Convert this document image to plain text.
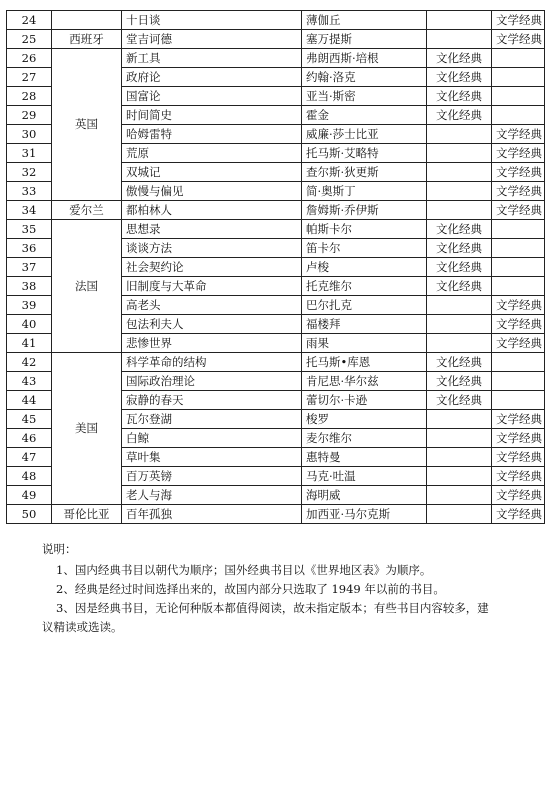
24		十日谈	薄伽丘		文学经典
25	西班牙	堂吉诃德	塞万提斯		文学经典
26	英国	新工具	弗朗西斯·培根	文化经典	
27		政府论	约翰·洛克	文化经典	
28		国富论	亚当·斯密	文化经典	
29		时间简史	霍金	文化经典	
30		哈姆雷特	威廉·莎士比亚		文学经典
31		荒原	托马斯·艾略特		文学经典
32		双城记	查尔斯·狄更斯		文学经典
33		傲慢与偏见	简·奥斯丁		文学经典
34	爱尔兰	都柏林人	詹姆斯·乔伊斯		文学经典
35	法国	思想录	帕斯卡尔	文化经典	
36		谈谈方法	笛卡尔	文化经典	
37		社会契约论	卢梭	文化经典	
38		旧制度与大革命	托克维尔	文化经典	
39		高老头	巴尔扎克		文学经典
40		包法利夫人	福楼拜		文学经典
41		悲惨世界	雨果		文学经典
42	美国	科学革命的结构	托马斯•库恩	文化经典	
43		国际政治理论	肯尼思·华尔兹	文化经典	
44		寂静的春天	蕾切尔·卡逊	文化经典	
45		瓦尔登湖	梭罗		文学经典
46		白鲸	麦尔维尔		文学经典
47		草叶集	惠特曼		文学经典
48		百万英镑	马克·吐温		文学经典
49		老人与海	海明威		文学经典
50	哥伦比亚	百年孤独	加西亚·马尔克斯		文学经典

说明：

1、国内经典书目以朝代为顺序；国外经典书目以《世界地区表》为顺序。

2、经典是经过时间选择出来的，故国内部分只选取了 1949 年以前的书目。

3、因是经典书目，无论何种版本都值得阅读，故未指定版本；有些书目内容较多，建

议精读或选读。
